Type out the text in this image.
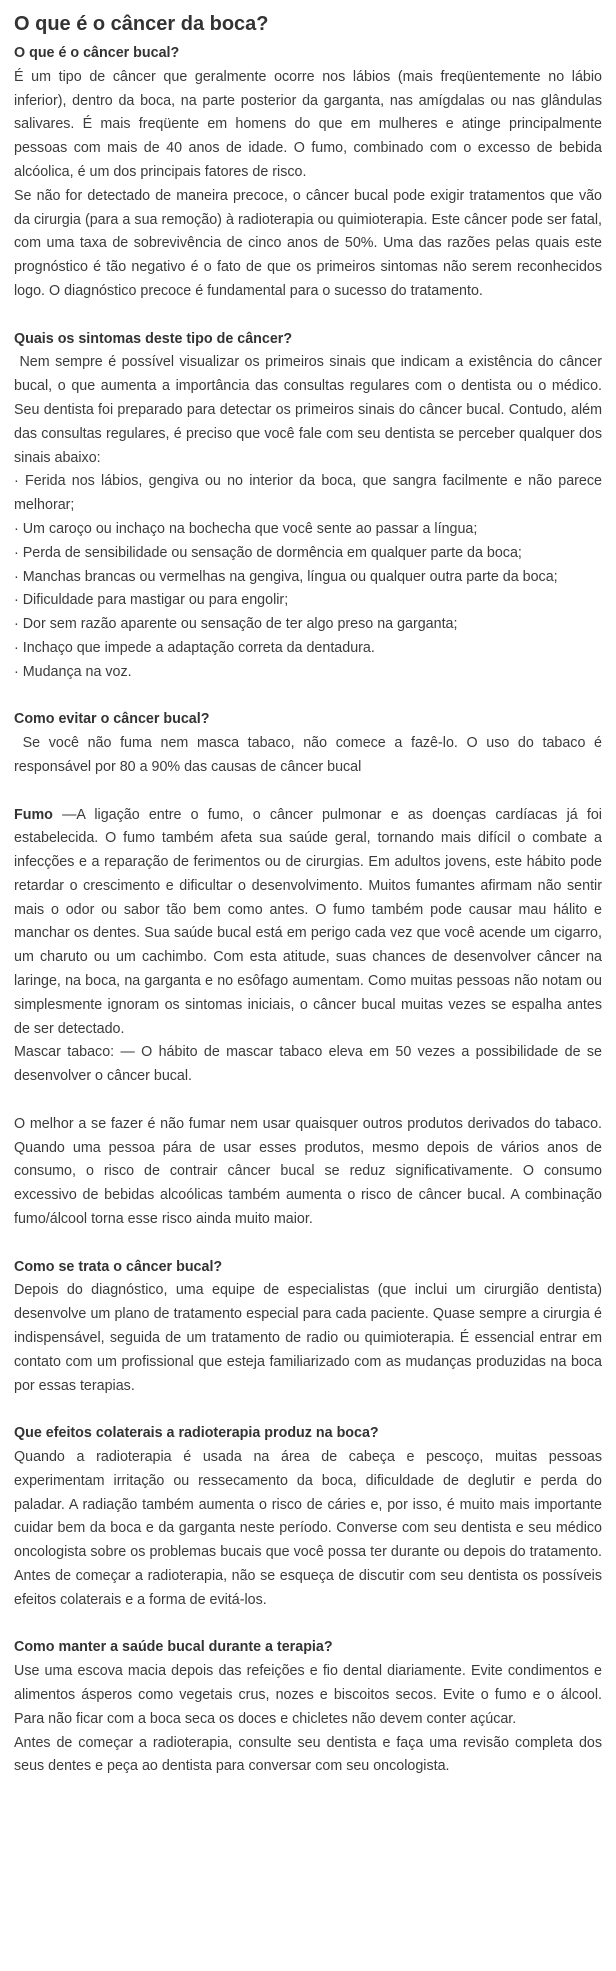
O que é o câncer da boca?
O que é o câncer bucal?

É um tipo de câncer que geralmente ocorre nos lábios (mais freqüentemente no lábio inferior), dentro da boca, na parte posterior da garganta, nas amígdalas ou nas glândulas salivares. É mais freqüente em homens do que em mulheres e atinge principalmente pessoas com mais de 40 anos de idade. O fumo, combinado com o excesso de bebida alcóolica, é um dos principais fatores de risco.

Se não for detectado de maneira precoce, o câncer bucal pode exigir tratamentos que vão da cirurgia (para a sua remoção) à radioterapia ou quimioterapia. Este câncer pode ser fatal, com uma taxa de sobrevivência de cinco anos de 50%. Uma das razões pelas quais este prognóstico é tão negativo é o fato de que os primeiros sintomas não serem reconhecidos logo. O diagnóstico precoce é fundamental para o sucesso do tratamento.

Quais os sintomas deste tipo de câncer?

Nem sempre é possível visualizar os primeiros sinais que indicam a existência do câncer bucal, o que aumenta a importância das consultas regulares com o dentista ou o médico. Seu dentista foi preparado para detectar os primeiros sinais do câncer bucal. Contudo, além das consultas regulares, é preciso que você fale com seu dentista se perceber qualquer dos sinais abaixo:

· Ferida nos lábios, gengiva ou no interior da boca, que sangra facilmente e não parece melhorar;

· Um caroço ou inchaço na bochecha que você sente ao passar a língua;

· Perda de sensibilidade ou sensação de dormência em qualquer parte da boca;

· Manchas brancas ou vermelhas na gengiva, língua ou qualquer outra parte da boca;

· Dificuldade para mastigar ou para engolir;

· Dor sem razão aparente ou sensação de ter algo preso na garganta;

· Inchaço que impede a adaptação correta da dentadura.

· Mudança na voz.

Como evitar o câncer bucal?

Se você não fuma nem masca tabaco, não comece a fazê-lo. O uso do tabaco é responsável por 80 a 90% das causas de câncer bucal

Fumo —A ligação entre o fumo, o câncer pulmonar e as doenças cardíacas já foi estabelecida. O fumo também afeta sua saúde geral, tornando mais difícil o combate a infecções e a reparação de ferimentos ou de cirurgias. Em adultos jovens, este hábito pode retardar o crescimento e dificultar o desenvolvimento. Muitos fumantes afirmam não sentir mais o odor ou sabor tão bem como antes. O fumo também pode causar mau hálito e manchar os dentes. Sua saúde bucal está em perigo cada vez que você acende um cigarro, um charuto ou um cachimbo. Com esta atitude, suas chances de desenvolver câncer na laringe, na boca, na garganta e no esôfago aumentam. Como muitas pessoas não notam ou simplesmente ignoram os sintomas iniciais, o câncer bucal muitas vezes se espalha antes de ser detectado.

Mascar tabaco: — O hábito de mascar tabaco eleva em 50 vezes a possibilidade de se desenvolver o câncer bucal.

O melhor a se fazer é não fumar nem usar quaisquer outros produtos derivados do tabaco. Quando uma pessoa pára de usar esses produtos, mesmo depois de vários anos de consumo, o risco de contrair câncer bucal se reduz significativamente. O consumo excessivo de bebidas alcoólicas também aumenta o risco de câncer bucal. A combinação fumo/álcool torna esse risco ainda muito maior.

Como se trata o câncer bucal?

Depois do diagnóstico, uma equipe de especialistas (que inclui um cirurgião dentista) desenvolve um plano de tratamento especial para cada paciente. Quase sempre a cirurgia é indispensável, seguida de um tratamento de radio ou quimioterapia. É essencial entrar em contato com um profissional que esteja familiarizado com as mudanças produzidas na boca por essas terapias.

Que efeitos colaterais a radioterapia produz na boca?

Quando a radioterapia é usada na área de cabeça e pescoço, muitas pessoas experimentam irritação ou ressecamento da boca, dificuldade de deglutir e perda do paladar. A radiação também aumenta o risco de cáries e, por isso, é muito mais importante cuidar bem da boca e da garganta neste período. Converse com seu dentista e seu médico oncologista sobre os problemas bucais que você possa ter durante ou depois do tratamento. Antes de começar a radioterapia, não se esqueça de discutir com seu dentista os possíveis efeitos colaterais e a forma de evitá-los.

Como manter a saúde bucal durante a terapia?

Use uma escova macia depois das refeições e fio dental diariamente. Evite condimentos e alimentos ásperos como vegetais crus, nozes e biscoitos secos. Evite o fumo e o álcool. Para não ficar com a boca seca os doces e chicletes não devem conter açúcar.

Antes de começar a radioterapia, consulte seu dentista e faça uma revisão completa dos seus dentes e peça ao dentista para conversar com seu oncologista.
